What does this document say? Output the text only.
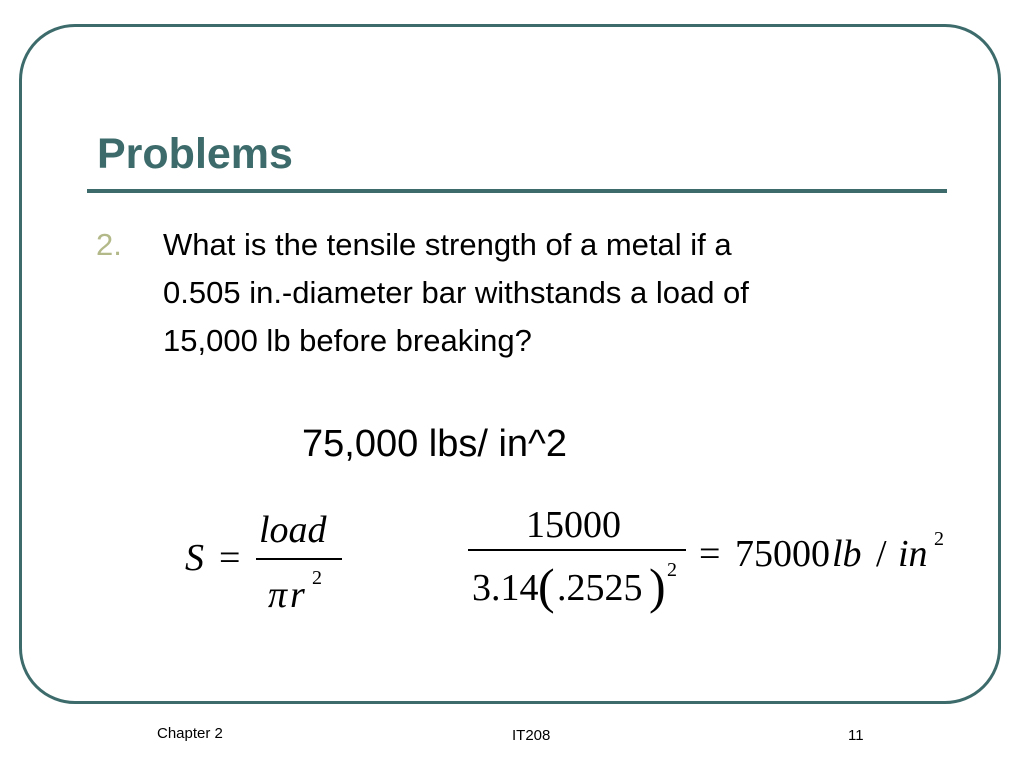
Problems
2. What is the tensile strength of a metal if a
0.505 in.-diameter bar withstands a load of
15,000 lb before breaking?
75,000 lbs/ in^2
S =
load
π r 2
15000
3.14 ( .2525 ) 2 = 75000 lb / in 2
Chapter 2	IT208	11
